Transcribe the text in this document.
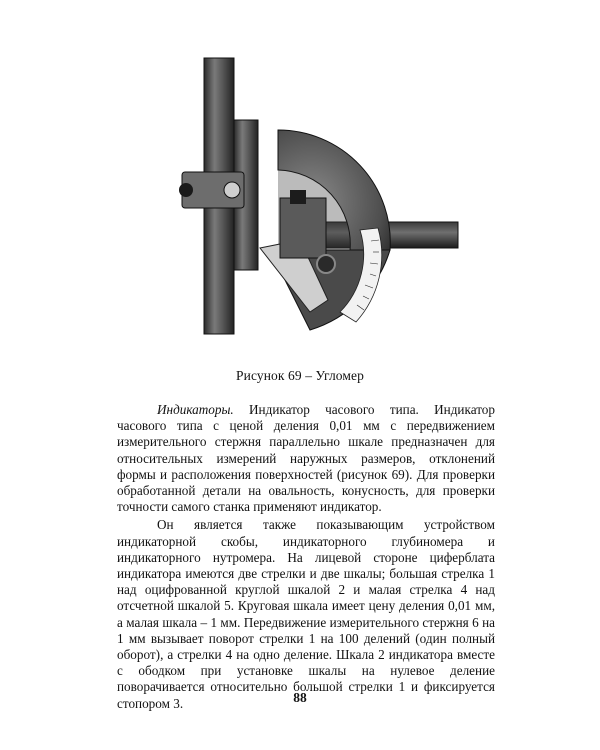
Рисунок 69 – Угломер

Индикаторы. Индикатор часового типа. Индикатор часового типа с ценой деления 0,01 мм с передвижением измерительного стержня параллельно шкале предназначен для относительных измерений наружных размеров, отклонений формы и расположения поверхностей (рисунок 69). Для проверки обработанной детали на овальность, конусность, для проверки точности самого станка применяют индикатор.

Он является также показывающим устройством индикаторной скобы, индикаторного глубиномера и индикаторного нутромера. На лицевой стороне циферблата индикатора имеются две стрелки и две шкалы; большая стрелка 1 над оцифрованной круглой шкалой 2 и малая стрелка 4 над отсчетной шкалой 5. Круговая шкала имеет цену деления 0,01 мм, а малая шкала – 1 мм. Передвижение измерительного стержня 6 на 1 мм вызывает поворот стрелки 1 на 100 делений (один полный оборот), а стрелки 4 на одно деление. Шкала 2 индикатора вместе с ободком при установке шкалы на нулевое деление поворачивается относительно большой стрелки 1 и фиксируется стопором 3.	88
